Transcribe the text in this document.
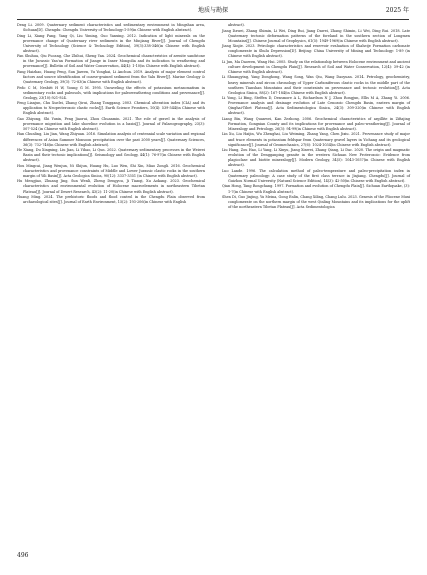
地质与勘探	2025 年

Deng Li. 2009. Quaternary sediment characteristics and sedimentary environment in Mingshan area, Sichuan[D]. Chengdu: Chengdu University of Technology:1-59(in Chinese with English abstract).

Ding Li, Xiang Fang, Yang Qi, Liu Yiming, Guo Yanxing. 2012. Indication of light minerals on the provenance change of Quaternary river sediments in the Minjiang River[J]. Journal of Chengdu University of Technology (Science & Technology Edition), 39(3):338-346(in Chinese with English abstract).

Fan Shuhua, Qiu Fucang, Che Zhihui, Sheng Yan. 2024. Geochemical characteristics of arenite sandstone in the Jurassic Yan'an Formation of Jiange in Inner Mongolia and its indication to weathering and provenance[J]. Bulletin of Soil and Water Conservation, 44(4): 1-10(in Chinese with English abstract).

Fang Haizhao, Huang Peng, Sun Jiawen, Yu Yonghai, Li Anchun. 2019. Analysis of major element control factors and source identification of coarse-grained sediment from the Yalu River[J]. Marine Geology & Quaternary Geology, 39(3): 72-83(in Chinese with English abstract).

Fedo C M, Nesbitt H W, Young G M. 1995. Unraveling the effects of potassium metasomatism in sedimentary rocks and paleosols, with implications for paleoweathering conditions and provenance[J]. Geology, 23(10):921-924.

Feng Lianjun, Chu Xuelei, Zhang Qirui, Zhang Tonggang. 2003. Chemical alteration index (CIA) and its application to Neoproterozoic clastic rocks[J]. Earth Science Frontiers, 10(4): 539-544(in Chinese with English abstract).

Gao Zhiyong, Shi Yuxin, Feng Jiaorui, Zhou Chuanmin. 2021. The role of gravel in the analysis of provenance migration and lake shoreline evolution in a basin[J]. Journal of Palaeogeography, 23(3): 507-524 (in Chinese with English abstract).

Han Chunling, Liu Jian, Wang Zhiyuan. 2016. Simulation analysis of centennial scale variation and regional differences of Asian Summer Monsoon precipitation over the past 2000 years[J]. Quaternary Sciences, 36(3): 732-746(in Chinese with English abstract).

He Xiang, Du Xingxing, Liu Jian, Li Yihao, Li Qun. 2022. Quaternary sedimentary processes in the Weiwei Basin and their tectonic implications[J]. Seismology and Geology, 44(1): 76-97(in Chinese with English abstract).

Hou Mingcai, Jiang Wenjun, Ni Shijun, Huang Hu, Luo Wen, Shi Xin, Miao Zongli. 2016. Geochemical characteristics and provenance constraints of Middle and Lower Jurassic clastic rocks in the southern margin of Yili Basin[J]. Acta Geologica Sinica, 90(12): 3337-3351 (in Chinese with English abstract).

Hu Mengjiao, Zhuang Jing, Sun Wenli, Zheng Dengyou, Ji Tianqi, Xu Aokang. 2023. Geochemical characteristics and environmental evolution of Holocene macroelements in northeastern Tibetan Plateau[J]. Journal of Desert Research, 43(2): 11-20(in Chinese with English abstract).

Huang Ming. 2024. The prehistoric floods and flood control in the Chengdu Plain observed from archaeological sites[J]. Journal of Earth Environment, 15(2): 193-206(in Chinese with English

abstract).

Jiang Dawei, Zhang Shimin, Li Wei, Ding Rui, Jiang Dawei, Zhang Shimin, Li Wei, Ding Rui. 2018. Late Quaternary tectonic deformation patterns of the foreland in the southern section of Longmen Mountains[J]. Chinese Journal of Geophysics, 61(5): 1949-1969(in Chinese with English abstract).

Jiang Xinjie. 2023. Petrologic characteristics and reservoir evaluation of Shaheije Formation carbonate conglomerate in Shulu Depression[D]. Beijing: China University of Mining and Technology: 1-89 (in Chinese with English abstract).

Li Jun, Ma Daowen, Wang Hui. 2005. Study on the relationship between Holocene environment and ancient culture development in Chengdu Plain[J]. Research of Soil and Water Conservation, 12(4): 39-42 (in Chinese with English abstract).

Li Shuangying, Yang Donghong, Wang Song, Wan Qiu, Wang Daoyuan. 2014. Petrology, geochemistry, heavy minerals and zircon chronology of Upper Carboniferous clastic rocks in the middle part of the southern Tianshan Mountains and their constraints on provenance and tectonic evolution[J]. Acta Geologica Sinica, 88(2): 167-184(in Chinese with English abstract).

Li Yong, Li Bing, Steffen D, Densmore A L, Richardson N J, Zhou Rongjun, Ellis M A, Zhang Yi. 2006. Provenance analysis and drainage evolution of Late Cenozoic Chengdu Basin, eastern margin of Qinghai-Tibet Plateau[J]. Acta Sedimentologica Sinica, 24(3): 309-320(in Chinese with English abstract).

Liang Bin, Wang Quanwei, Kan Zezhong. 2006. Geochemical characteristics of argillite in Zifiajing Formation, Gongxian County and its implications for provenance and paleo-weathering[J]. Journal of Mineralogy and Petrology, 26(3): 94-99(in Chinese with English abstract).

Lin Xu, Liu Haijin, Wu Zhenghai, Liu Weiming, Zhang Yang, Chen Jixiu. 2021. Provenance study of major and trace elements in potassium feldspar from Quaternary gravel layers in Yichang and its geological significance[J]. Journal of Geomechanics, 27(6): 1024-1034(in Chinese with English abstract).

Liu Hang, Zou Hao, Li Yang, Li Xinyu, Jiang Xinwei, Zhang Qiang, Li Dac. 2020. The origin and magmatic evolution of the Dengganping granite in the western Sichuan New Proterozoic: Evidence from plagioclase and biotite mineralogy[J]. Modern Geology, 34(5): 1043-1057(in Chinese with English abstract).

Luo Lande. 1996. The calculation method of paleo-temperature and paleo-precipitation index in Quaternary paleoology: A case study of the first class terrace in Jinjiang, Chengdu[J]. Journal of Guizhou Normal University (Natural Science Edition), 14(3): 42-50(in Chinese with English abstract).

Qian Hong, Tang Rongchang. 1997. Formation and evolution of Chengdu Plain[J]. Sichuan Earthquake, (3): 1-7(in Chinese with English abstract).

Shen Di, Guo Jinjing, Yu Meina, Gong Enlin, Chang Xiling, Chang Lulu. 2023. Genesis of the Pliocene Muxi conglomerate on the northern margin of the west Qinling Mountains and its implications for the uplift of the northeastern Tibetan Plateau[J]. Acta Sedimentologica

496
